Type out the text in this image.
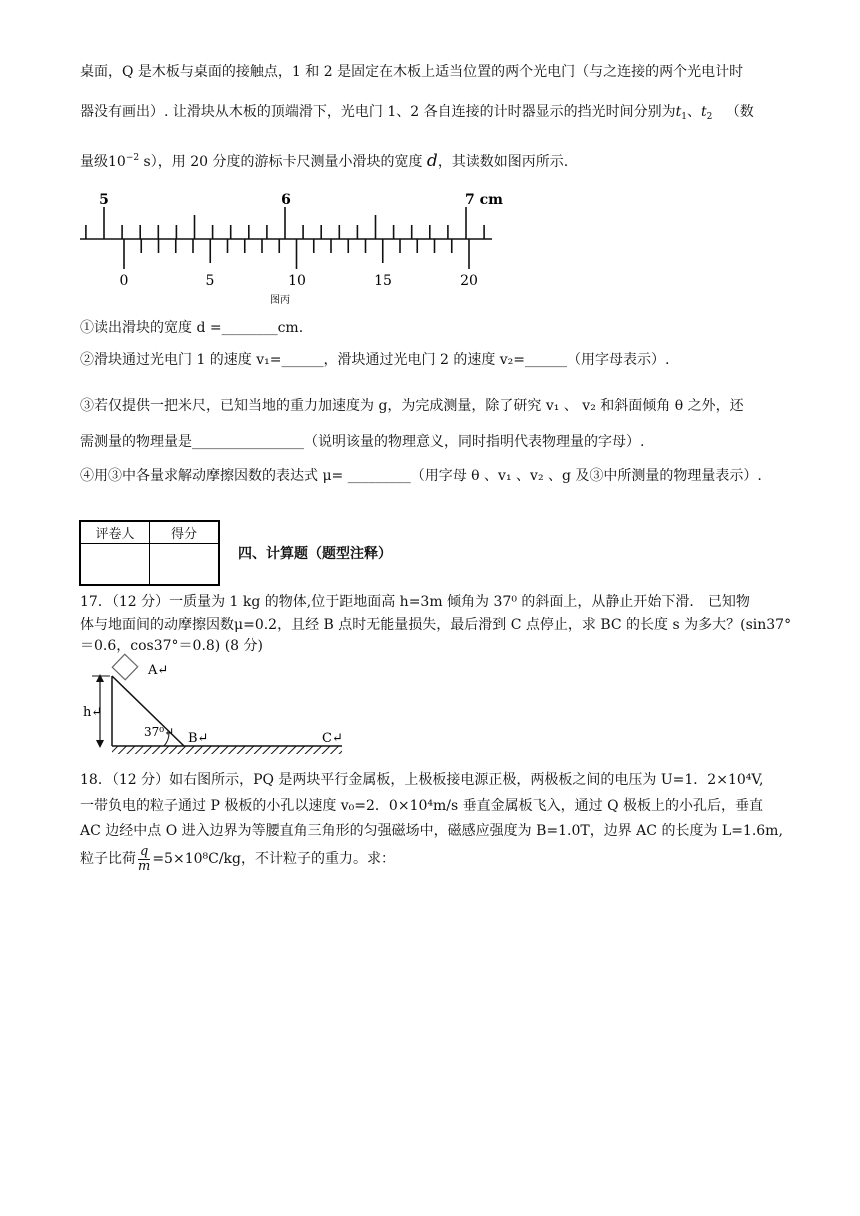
桌面，Q 是木板与桌面的接触点，1 和 2 是固定在木板上适当位置的两个光电门（与之连接的两个光电计时
器没有画出）. 让滑块从木板的顶端滑下，光电门 1、2 各自连接的计时器显示的挡光时间分别为$t_1$、$t_2$ （数
量级$10^{-2}$ s），用 20 分度的游标卡尺测量小滑块的宽度 d，其读数如图丙所示.
5	6	7 cm
0	5	10	15	20
图丙
①读出滑块的宽度 d =________cm.
②滑块通过光电门 1 的速度 v₁=______，滑块通过光电门 2 的速度 v₂=______（用字母表示）.
③若仅提供一把米尺，已知当地的重力加速度为 g，为完成测量，除了研究 v₁ 、 v₂ 和斜面倾角 θ 之外，还
需测量的物理量是________________（说明该量的物理意义，同时指明代表物理量的字母）.
④用③中各量求解动摩擦因数的表达式 μ= _________（用字母 θ 、v₁ 、v₂ 、g 及③中所测量的物理量表示）.
评卷人	得分

四、计算题（题型注释）
17．（12 分）一质量为 1 kg 的物体,位于距地面高 h=3m 倾角为 37⁰ 的斜面上，从静止开始下滑． 已知物
体与地面间的动摩擦因数μ=0.2，且经 B 点时无能量损失，最后滑到 C 点停止，求 BC 的长度 s 为多大？(sin37°
＝0.6，cos37°＝0.8) (8 分)
A↵
h↵
37⁰↵ B↵	C↵
18．（12 分）如右图所示，PQ 是两块平行金属板，上极板接电源正极，两极板之间的电压为 U=1．2×10⁴V,
一带负电的粒子通过 P 极板的小孔以速度 v₀=2．0×10⁴m/s 垂直金属板飞入，通过 Q 极板上的小孔后，垂直
AC 边经中点 O 进入边界为等腰直角三角形的匀强磁场中，磁感应强度为 B=1.0T，边界 AC 的长度为 L=1.6m,
粒子比荷 $\frac{q}{m} =5\times 10^8C/kg$，不计粒子的重力。求：
